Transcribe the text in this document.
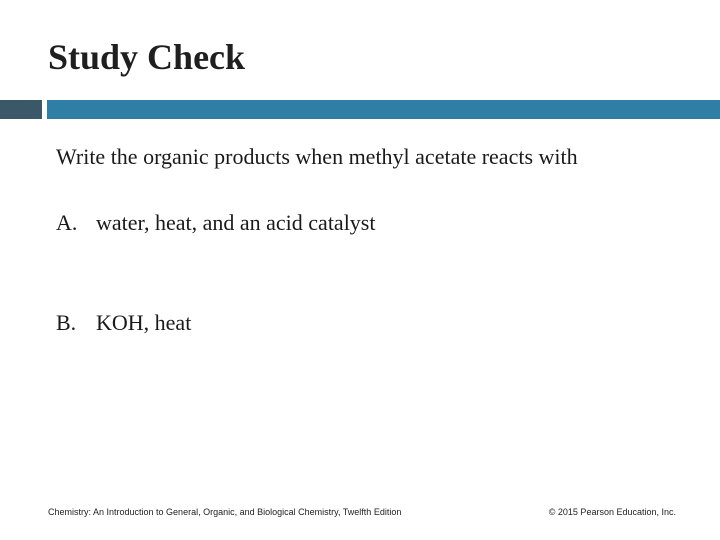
Study Check
Write the organic products when methyl acetate reacts with
A. water, heat, and an acid catalyst
B. KOH, heat
Chemistry: An Introduction to General, Organic, and Biological Chemistry, Twelfth Edition	© 2015 Pearson Education, Inc.
